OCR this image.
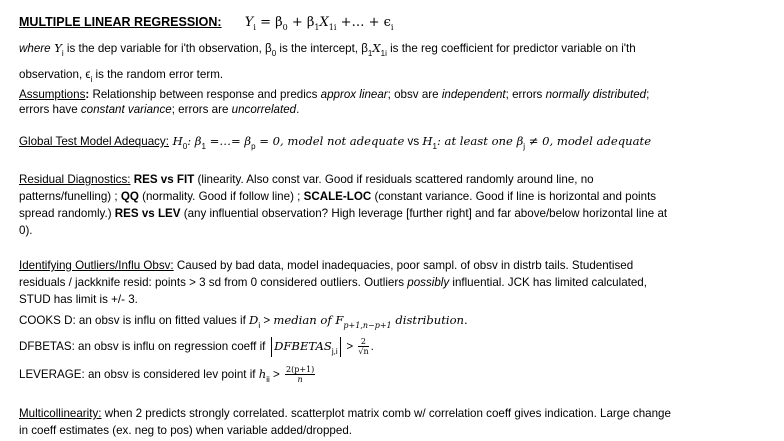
MULTIPLE LINEAR REGRESSION: $Y_i = \beta_0 + \beta_1X_{1i}$ +… + $\epsilon_i$
where $Y_i$ is the dep variable for i'th observation, $\beta_0$ is the intercept, $\beta_1X_{1i}$ is the reg coefficient for predictor variable on i'th
observation, $\epsilon_i$ is the random error term.
Assumptions: Relationship between response and predics approx linear; obsv are independent; errors normally distributed;
errors have constant variance; errors are uncorrelated.
Global Test Model Adequacy: $H_0$: $\beta_1$ =…= $\beta_p = 0$, model not adequate vs $H_1$: at least one $\beta_j \ne 0$, model adequate
Residual Diagnostics: RES vs FIT (linearity. Also const var. Good if residuals scattered randomly around line, no
patterns/funelling) ; QQ (normality. Good if follow line) ; SCALE-LOC (constant variance. Good if line is horizontal and points
spread randomly.) RES vs LEV (any influential observation? High leverage [further right] and far above/below horizontal line at
0).
Identifying Outliers/Influ Obsv: Caused by bad data, model inadequacies, poor sampl. of obsv in distrb tails. Studentised
residuals / jackknife resid: points > 3 sd from 0 considered outliers. Outliers possibly influential. JCK has limited calculated,
STUD has limit is +/- 3.
COOKS D: an obsv is influ on fitted values if $D_i$ > median of $F_{p+1,n-p+1}$ distribution.
DFBETAS: an obsv is influ on regression coeff if $DFBETAS_{j,i} > \frac{2}{√n}$ .
LEVERAGE: an obsv is considered lev point if $h_{ii} > \frac{2(p+1)}{n}$
Multicollinearity: when 2 predicts strongly correlated. scatterplot matrix comb w/ correlation coeff gives indication. Large change
in coeff estimates (ex. neg to pos) when variable added/dropped.
